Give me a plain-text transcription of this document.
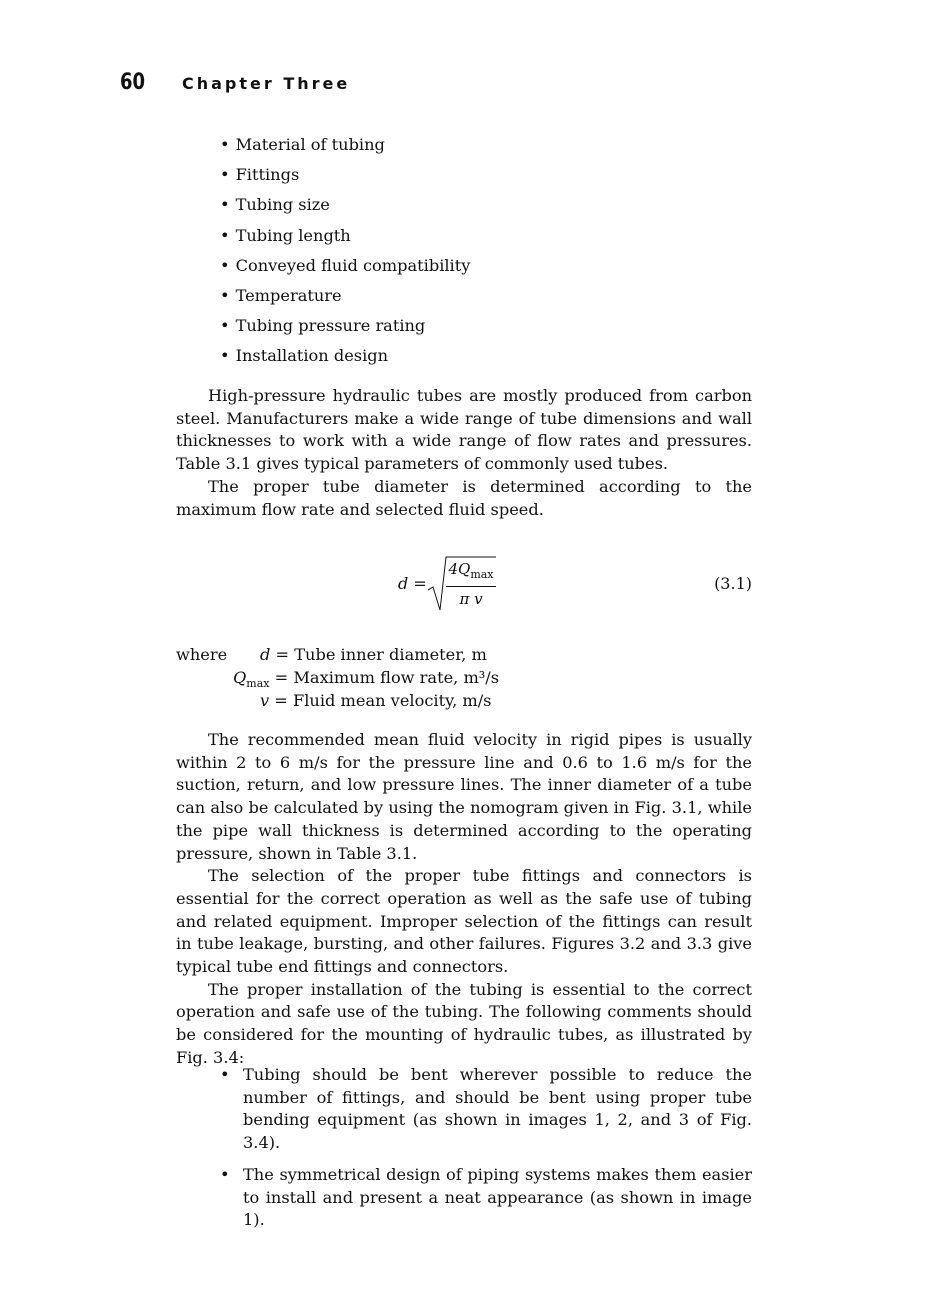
60 Chapter Three
• Material of tubing
• Fittings
• Tubing size
• Tubing length
• Conveyed fluid compatibility
• Temperature
• Tubing pressure rating
• Installation design

High-pressure hydraulic tubes are mostly produced from carbon steel. Manufacturers make a wide range of tube dimensions and wall thicknesses to work with a wide range of flow rates and pressures. Table 3.1 gives typical parameters of commonly used tubes.

The proper tube diameter is determined according to the maximum flow rate and selected fluid speed.

d =
$4Q_{max}$
π v
(3.1)
where d = Tube inner diameter, m
$Q_{max}$ = Maximum flow rate, m³/s
v = Fluid mean velocity, m/s

The recommended mean fluid velocity in rigid pipes is usually within 2 to 6 m/s for the pressure line and 0.6 to 1.6 m/s for the suction, return, and low pressure lines. The inner diameter of a tube can also be calculated by using the nomogram given in Fig. 3.1, while the pipe wall thickness is determined according to the operating pressure, shown in Table 3.1.

The selection of the proper tube fittings and connectors is essential for the correct operation as well as the safe use of tubing and related equipment. Improper selection of the fittings can result in tube leakage, bursting, and other failures. Figures 3.2 and 3.3 give typical tube end fittings and connectors.

The proper installation of the tubing is essential to the correct operation and safe use of the tubing. The following comments should be considered for the mounting of hydraulic tubes, as illustrated by Fig. 3.4:

• Tubing should be bent wherever possible to reduce the number of fittings, and should be bent using proper tube bending equipment (as shown in images 1, 2, and 3 of Fig. 3.4).
• The symmetrical design of piping systems makes them easier to install and present a neat appearance (as shown in image 1).
